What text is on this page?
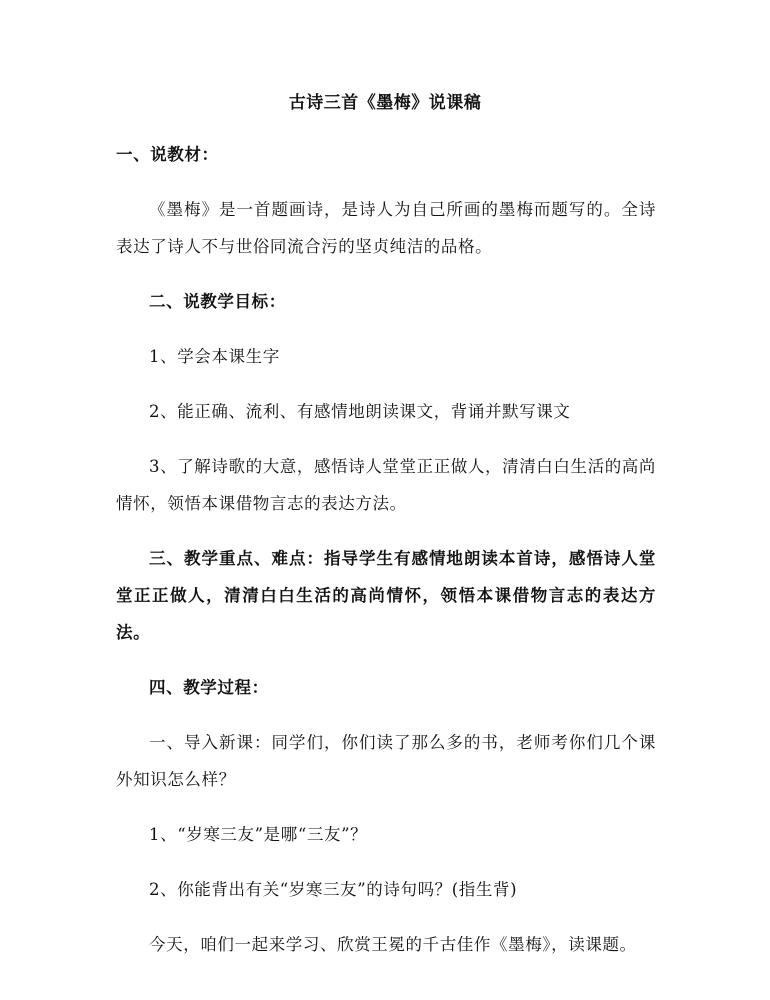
古诗三首《墨梅》说课稿

一、说教材：

《墨梅》是一首题画诗，是诗人为自己所画的墨梅而题写的。全诗表达了诗人不与世俗同流合污的坚贞纯洁的品格。

二、说教学目标：

1、学会本课生字

2、能正确、流利、有感情地朗读课文，背诵并默写课文

3、了解诗歌的大意，感悟诗人堂堂正正做人，清清白白生活的高尚情怀，领悟本课借物言志的表达方法。

三、教学重点、难点：指导学生有感情地朗读本首诗，感悟诗人堂堂正正做人，清清白白生活的高尚情怀，领悟本课借物言志的表达方法。

四、教学过程：

一、导入新课：同学们，你们读了那么多的书，老师考你们几个课外知识怎么样？

1、“岁寒三友”是哪“三友”？

2、你能背出有关“岁寒三友”的诗句吗？(指生背)

今天，咱们一起来学习、欣赏王冕的千古佳作《墨梅》，读课题。
